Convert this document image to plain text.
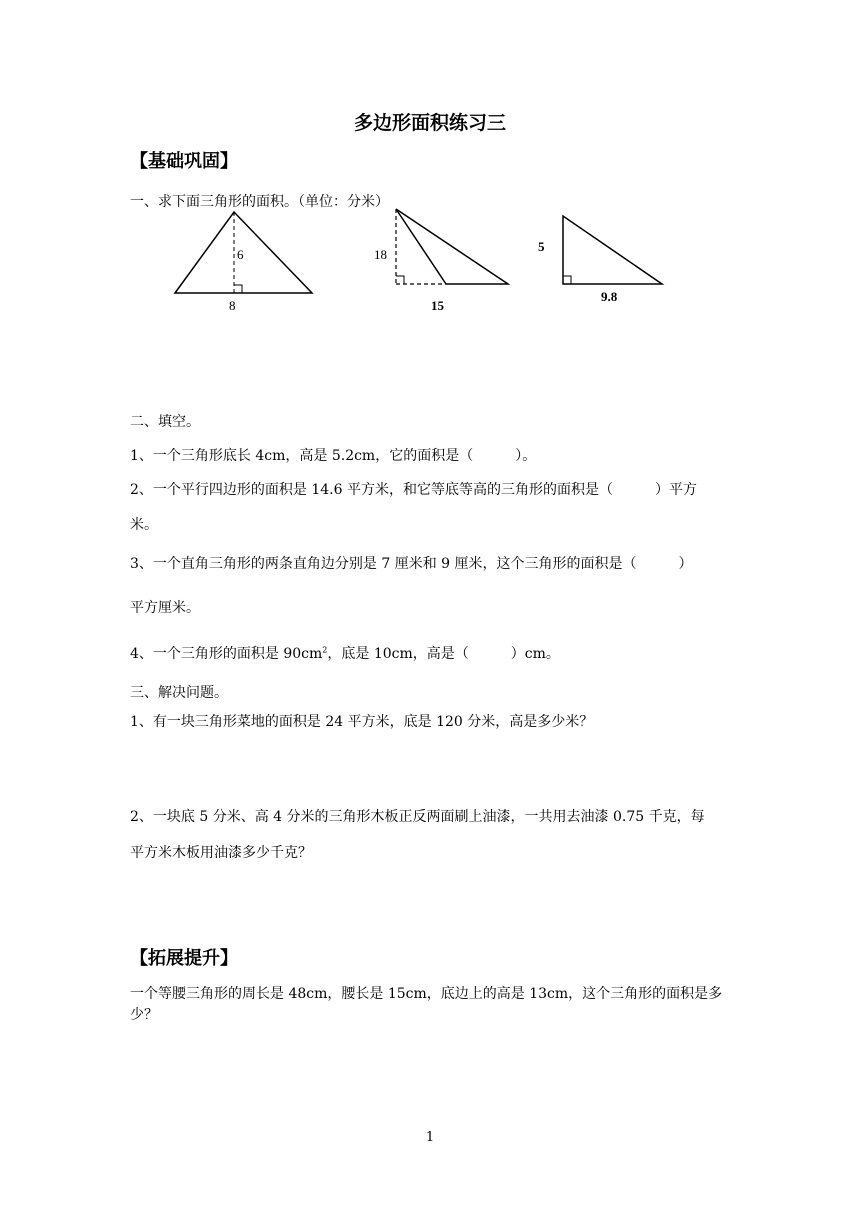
多边形面积练习三
【基础巩固】
一、求下面三角形的面积。（单位：分米）
6
8
18
15
5
9.8
二、填空。
1、一个三角形底长 4cm，高是 5.2cm，它的面积是（　　　）。
2、一个平行四边形的面积是 14.6 平方米，和它等底等高的三角形的面积是（　　　）平方
米。
3、一个直角三角形的两条直角边分别是 7 厘米和 9 厘米，这个三角形的面积是（　　　）
平方厘米。
4、一个三角形的面积是 $90cm^2$，底是 10cm，高是（　　　）cm。
三、解决问题。
1、有一块三角形菜地的面积是 24 平方米，底是 120 分米，高是多少米？
2、一块底 5 分米、高 4 分米的三角形木板正反两面刷上油漆，一共用去油漆 0.75 千克，每
平方米木板用油漆多少千克？
【拓展提升】
一个等腰三角形的周长是 48cm，腰长是 15cm，底边上的高是 13cm，这个三角形的面积是多
少？
1
